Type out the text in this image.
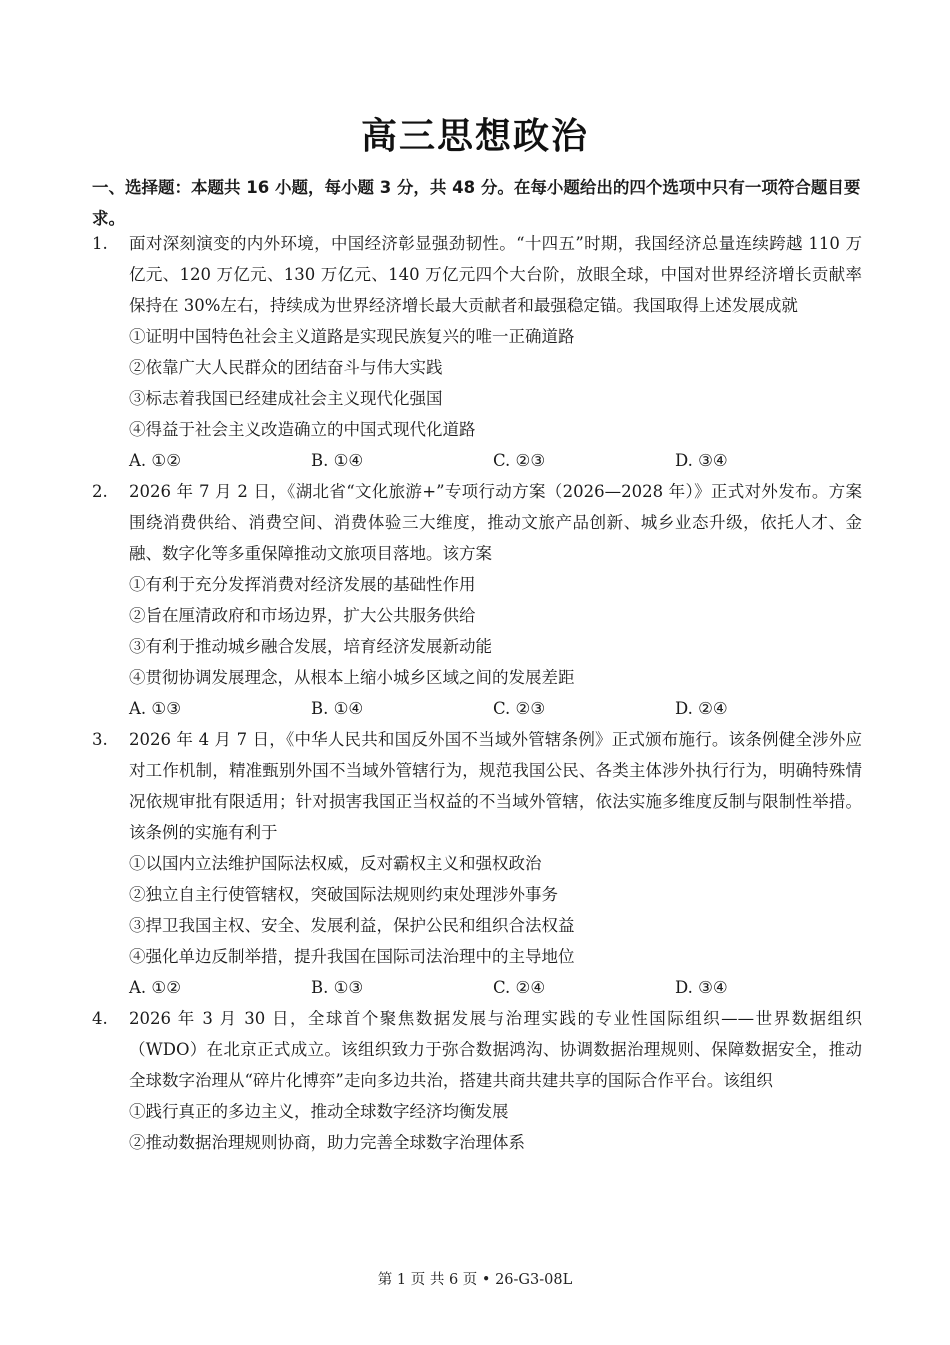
高三思想政治
一、选择题：本题共 16 小题，每小题 3 分，共 48 分。在每小题给出的四个选项中只有一项符合题目要求。
1. 面对深刻演变的内外环境，中国经济彰显强劲韧性。“十四五”时期，我国经济总量连续跨越 110 万亿元、120 万亿元、130 万亿元、140 万亿元四个大台阶，放眼全球，中国对世界经济增长贡献率保持在 30%左右，持续成为世界经济增长最大贡献者和最强稳定锚。我国取得上述发展成就
①证明中国特色社会主义道路是实现民族复兴的唯一正确道路
②依靠广大人民群众的团结奋斗与伟大实践
③标志着我国已经建成社会主义现代化强国
④得益于社会主义改造确立的中国式现代化道路
A. ①②	B. ①④	C. ②③	D. ③④
2. 2026 年 7 月 2 日，《湖北省“文化旅游+”专项行动方案（2026—2028 年）》正式对外发布。方案围绕消费供给、消费空间、消费体验三大维度，推动文旅产品创新、城乡业态升级，依托人才、金融、数字化等多重保障推动文旅项目落地。该方案
①有利于充分发挥消费对经济发展的基础性作用
②旨在厘清政府和市场边界，扩大公共服务供给
③有利于推动城乡融合发展，培育经济发展新动能
④贯彻协调发展理念，从根本上缩小城乡区域之间的发展差距
A. ①③	B. ①④	C. ②③	D. ②④
3. 2026 年 4 月 7 日，《中华人民共和国反外国不当域外管辖条例》正式颁布施行。该条例健全涉外应对工作机制，精准甄别外国不当域外管辖行为，规范我国公民、各类主体涉外执行行为，明确特殊情况依规审批有限适用；针对损害我国正当权益的不当域外管辖，依法实施多维度反制与限制性举措。该条例的实施有利于
①以国内立法维护国际法权威，反对霸权主义和强权政治
②独立自主行使管辖权，突破国际法规则约束处理涉外事务
③捍卫我国主权、安全、发展利益，保护公民和组织合法权益
④强化单边反制举措，提升我国在国际司法治理中的主导地位
A. ①②	B. ①③	C. ②④	D. ③④
4. 2026 年 3 月 30 日，全球首个聚焦数据发展与治理实践的专业性国际组织——世界数据组织（WDO）在北京正式成立。该组织致力于弥合数据鸿沟、协调数据治理规则、保障数据安全，推动全球数字治理从“碎片化博弈”走向多边共治，搭建共商共建共享的国际合作平台。该组织
①践行真正的多边主义，推动全球数字经济均衡发展
②推动数据治理规则协商，助力完善全球数字治理体系
第 1 页 共 6 页 • 26-G3-08L
